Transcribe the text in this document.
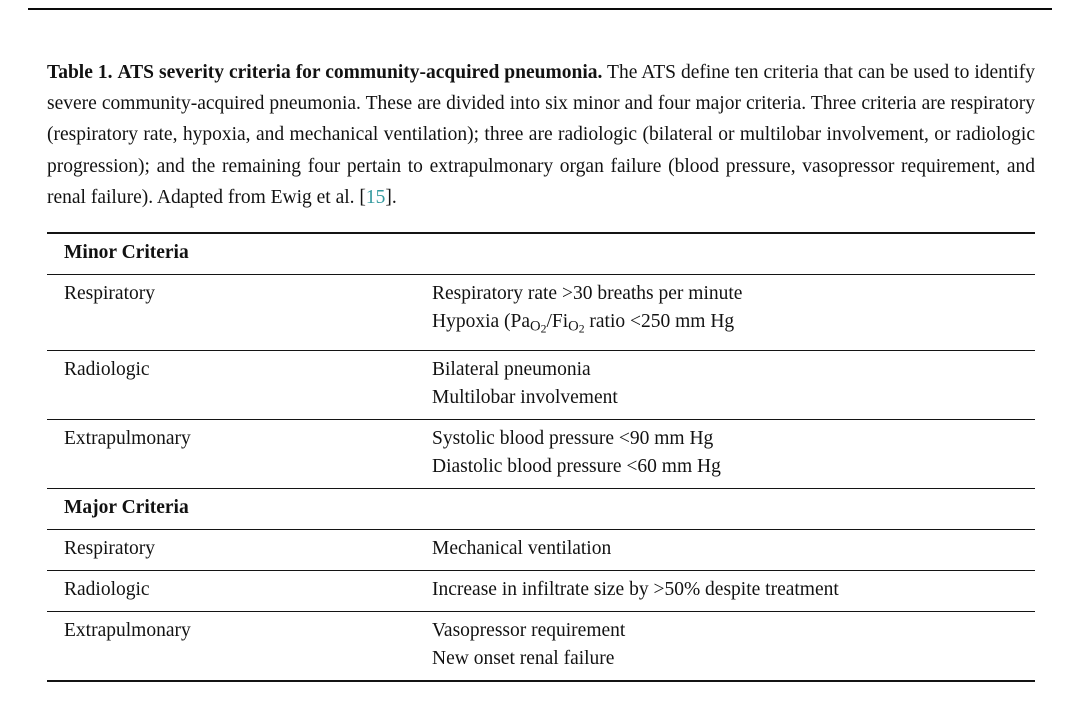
Table 1. ATS severity criteria for community-acquired pneumonia. The ATS define ten criteria that can be used to identify severe community-acquired pneumonia. These are divided into six minor and four major criteria. Three criteria are respiratory (respiratory rate, hypoxia, and mechanical ventilation); three are radiologic (bilateral or multilobar involvement, or radiologic progression); and the remaining four pertain to extrapulmonary organ failure (blood pressure, vasopressor requirement, and renal failure). Adapted from Ewig et al. [15].

Minor Criteria
Respiratory	Respiratory rate >30 breaths per minute
Hypoxia ($Pa_{O2}/Fi_{O2}$ ratio <250 mm Hg
Radiologic	Bilateral pneumonia
Multilobar involvement
Extrapulmonary	Systolic blood pressure <90 mm Hg
Diastolic blood pressure <60 mm Hg
Major Criteria
Respiratory	Mechanical ventilation
Radiologic	Increase in infiltrate size by >50% despite treatment
Extrapulmonary	Vasopressor requirement
New onset renal failure
